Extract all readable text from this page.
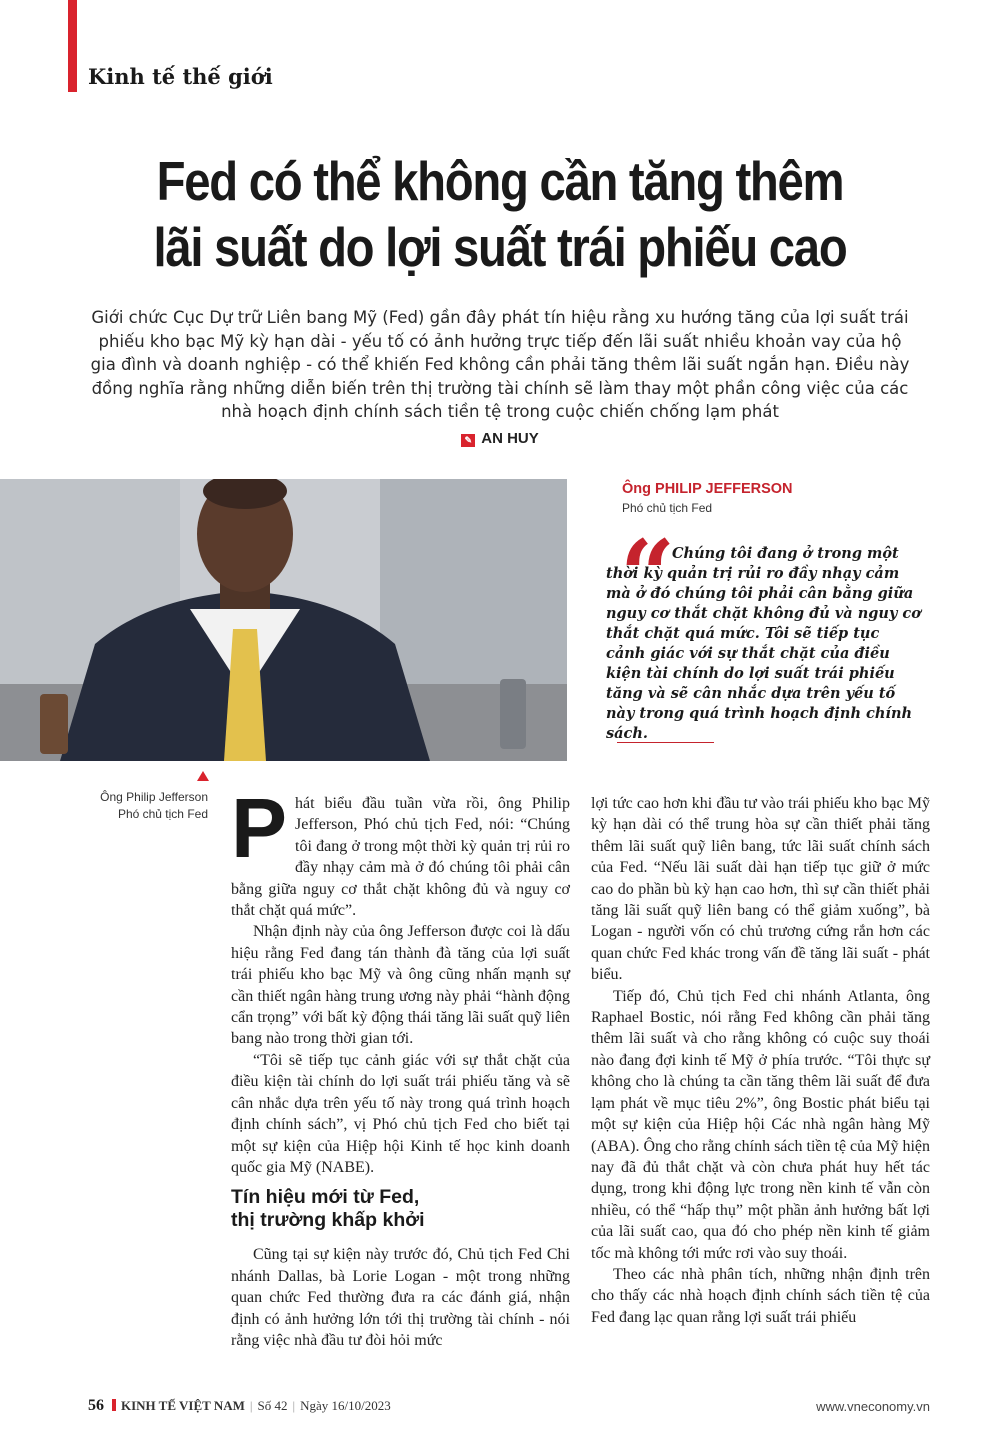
Kinh tế thế giới
Fed có thể không cần tăng thêm
lãi suất do lợi suất trái phiếu cao
Giới chức Cục Dự trữ Liên bang Mỹ (Fed) gần đây phát tín hiệu rằng xu hướng tăng của lợi suất trái phiếu kho bạc Mỹ kỳ hạn dài - yếu tố có ảnh hưởng trực tiếp đến lãi suất nhiều khoản vay của hộ gia đình và doanh nghiệp - có thể khiến Fed không cần phải tăng thêm lãi suất ngắn hạn. Điều này đồng nghĩa rằng những diễn biến trên thị trường tài chính sẽ làm thay một phần công việc của các nhà hoạch định chính sách tiền tệ trong cuộc chiến chống lạm phát
✎ AN HUY
Ông PHILIP JEFFERSON
Phó chủ tịch Fed
“
Chúng tôi đang ở trong một thời kỳ quản trị rủi ro đầy nhạy cảm mà ở đó chúng tôi phải cân bằng giữa nguy cơ thắt chặt không đủ và nguy cơ thắt chặt quá mức. Tôi sẽ tiếp tục cảnh giác với sự thắt chặt của điều kiện tài chính do lợi suất trái phiếu tăng và sẽ cân nhắc dựa trên yếu tố này trong quá trình hoạch định chính sách.
Ông Philip Jefferson
Phó chủ tịch Fed Phát biểu đầu tuần vừa rồi, ông Philip Jefferson, Phó chủ tịch Fed, nói: “Chúng tôi đang ở trong một thời kỳ quản trị rủi ro đầy nhạy cảm mà ở đó chúng tôi phải cân bằng giữa nguy cơ thắt chặt không đủ và nguy cơ thắt chặt quá mức”.

Nhận định này của ông Jefferson được coi là dấu hiệu rằng Fed đang tán thành đà tăng của lợi suất trái phiếu kho bạc Mỹ và ông cũng nhấn mạnh sự cần thiết ngân hàng trung ương này phải “hành động cẩn trọng” với bất kỳ động thái tăng lãi suất quỹ liên bang nào trong thời gian tới.

“Tôi sẽ tiếp tục cảnh giác với sự thắt chặt của điều kiện tài chính do lợi suất trái phiếu tăng và sẽ cân nhắc dựa trên yếu tố này trong quá trình hoạch định chính sách”, vị Phó chủ tịch Fed cho biết tại một sự kiện của Hiệp hội Kinh tế học kinh doanh quốc gia Mỹ (NABE).

Tín hiệu mới từ Fed,
thị trường khấp khởi

Cũng tại sự kiện này trước đó, Chủ tịch Fed Chi nhánh Dallas, bà Lorie Logan - một trong những quan chức Fed thường đưa ra các đánh giá, nhận định có ảnh hưởng lớn tới thị trường tài chính - nói rằng việc nhà đầu tư đòi hỏi mức

lợi tức cao hơn khi đầu tư vào trái phiếu kho bạc Mỹ kỳ hạn dài có thể trung hòa sự cần thiết phải tăng thêm lãi suất quỹ liên bang, tức lãi suất chính sách của Fed. “Nếu lãi suất dài hạn tiếp tục giữ ở mức cao do phần bù kỳ hạn cao hơn, thì sự cần thiết phải tăng lãi suất quỹ liên bang có thể giảm xuống”, bà Logan - người vốn có chủ trương cứng rắn hơn các quan chức Fed khác trong vấn đề tăng lãi suất - phát biểu.

Tiếp đó, Chủ tịch Fed chi nhánh Atlanta, ông Raphael Bostic, nói rằng Fed không cần phải tăng thêm lãi suất và cho rằng không có cuộc suy thoái nào đang đợi kinh tế Mỹ ở phía trước. “Tôi thực sự không cho là chúng ta cần tăng thêm lãi suất để đưa lạm phát về mục tiêu 2%”, ông Bostic phát biểu tại một sự kiện của Hiệp hội Các nhà ngân hàng Mỹ (ABA). Ông cho rằng chính sách tiền tệ của Mỹ hiện nay đã đủ thắt chặt và còn chưa phát huy hết tác dụng, trong khi động lực trong nền kinh tế vẫn còn nhiều, có thể “hấp thụ” một phần ảnh hưởng bất lợi của lãi suất cao, qua đó cho phép nền kinh tế giảm tốc mà không tới mức rơi vào suy thoái.

Theo các nhà phân tích, những nhận định trên cho thấy các nhà hoạch định chính sách tiền tệ của Fed đang lạc quan rằng lợi suất trái phiếu

56 KINH TẾ VIỆT NAM | Số 42 | Ngày 16/10/2023	www.vneconomy.vn
